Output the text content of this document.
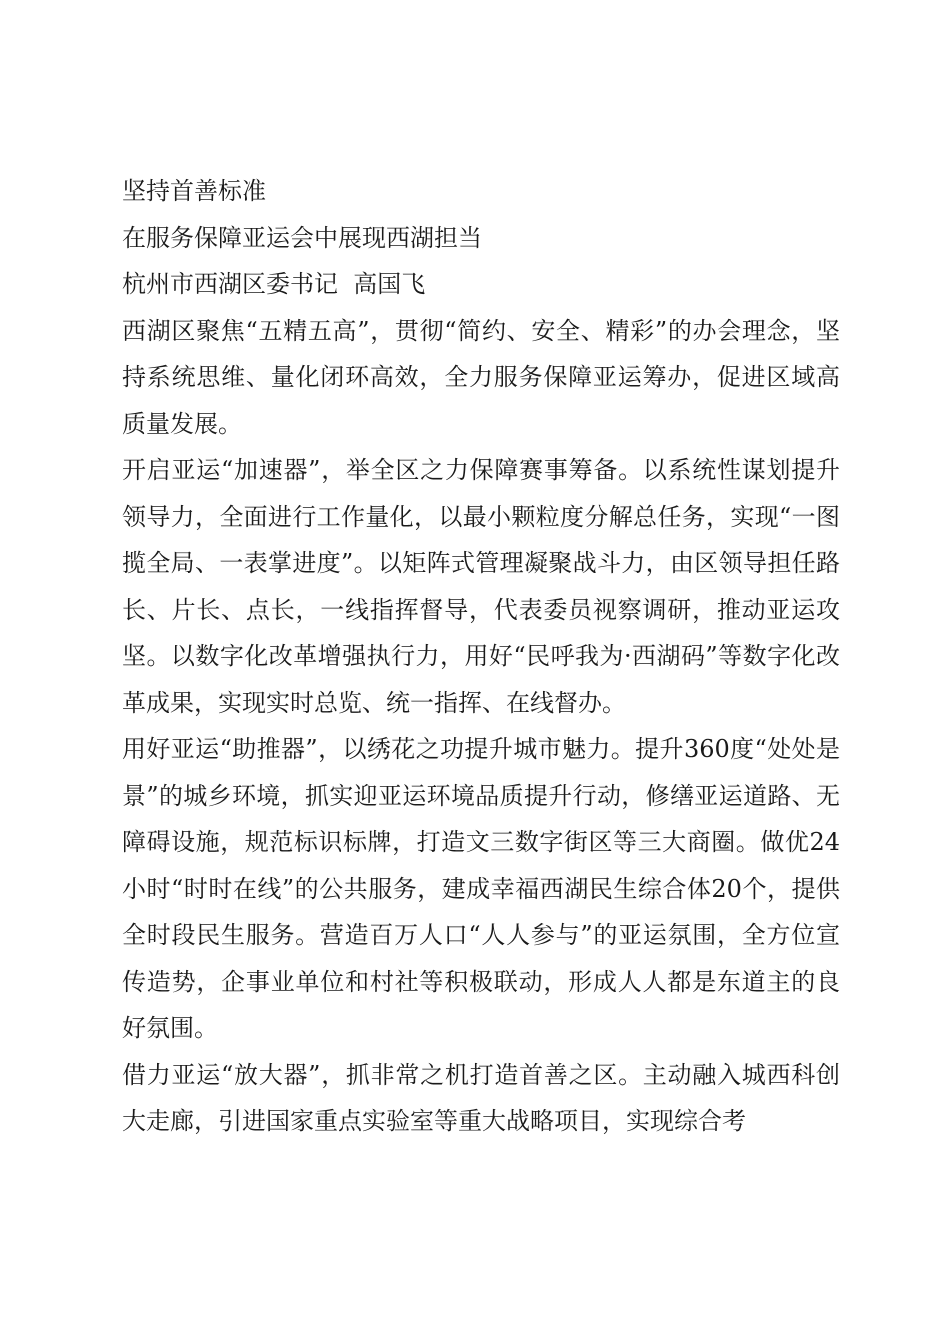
坚持首善标准

在服务保障亚运会中展现西湖担当

杭州市西湖区委书记  高国飞

西湖区聚焦“五精五高”，贯彻“简约、安全、精彩”的办会理念，坚持系统思维、量化闭环高效，全力服务保障亚运筹办，促进区域高质量发展。

开启亚运“加速器”，举全区之力保障赛事筹备。以系统性谋划提升领导力，全面进行工作量化，以最小颗粒度分解总任务，实现“一图揽全局、一表掌进度”。以矩阵式管理凝聚战斗力，由区领导担任路长、片长、点长，一线指挥督导，代表委员视察调研，推动亚运攻坚。以数字化改革增强执行力，用好“民呼我为·西湖码”等数字化改革成果，实现实时总览、统一指挥、在线督办。

用好亚运“助推器”，以绣花之功提升城市魅力。提升360度“处处是景”的城乡环境，抓实迎亚运环境品质提升行动，修缮亚运道路、无障碍设施，规范标识标牌，打造文三数字街区等三大商圈。做优24小时“时时在线”的公共服务，建成幸福西湖民生综合体20个，提供全时段民生服务。营造百万人口“人人参与”的亚运氛围，全方位宣传造势，企事业单位和村社等积极联动，形成人人都是东道主的良好氛围。

借力亚运“放大器”，抓非常之机打造首善之区。主动融入城西科创大走廊，引进国家重点实验室等重大战略项目，实现综合考
